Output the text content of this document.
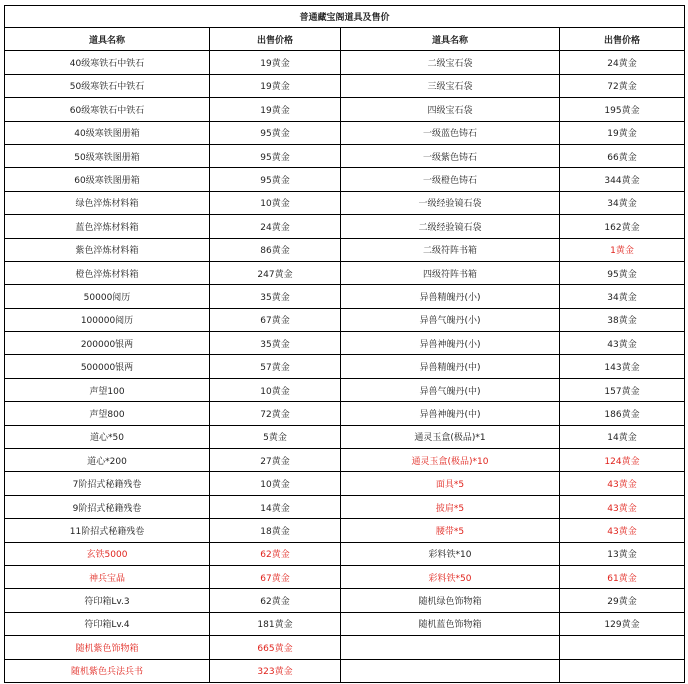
普通藏宝阁道具及售价			
道具名称	出售价格	道具名称	出售价格
40级寒铁石中铁石	19黄金	二级宝石袋	24黄金
50级寒铁石中铁石	19黄金	三级宝石袋	72黄金
60级寒铁石中铁石	19黄金	四级宝石袋	195黄金
40级寒铁图册箱	95黄金	一级蓝色铸石	19黄金
50级寒铁图册箱	95黄金	一级紫色铸石	66黄金
60级寒铁图册箱	95黄金	一级橙色铸石	344黄金
绿色淬炼材料箱	10黄金	一级经验镜石袋	34黄金
蓝色淬炼材料箱	24黄金	二级经验镜石袋	162黄金
紫色淬炼材料箱	86黄金	二级符阵书箱	1黄金
橙色淬炼材料箱	247黄金	四级符阵书箱	95黄金
50000阅历	35黄金	异兽精魄丹(小)	34黄金
100000阅历	67黄金	异兽气魄丹(小)	38黄金
200000银两	35黄金	异兽神魄丹(小)	43黄金
500000银两	57黄金	异兽精魄丹(中)	143黄金
声望100	10黄金	异兽气魄丹(中)	157黄金
声望800	72黄金	异兽神魄丹(中)	186黄金
道心*50	5黄金	通灵玉盒(极品)*1	14黄金
道心*200	27黄金	通灵玉盒(极品)*10	124黄金
7阶招式秘籍残卷	10黄金	面具*5	43黄金
9阶招式秘籍残卷	14黄金	披肩*5	43黄金
11阶招式秘籍残卷	18黄金	腰带*5	43黄金
玄铁5000	62黄金	彩料铁*10	13黄金
神兵宝晶	67黄金	彩料铁*50	61黄金
符印箱Lv.3	62黄金	随机绿色饰物箱	29黄金
符印箱Lv.4	181黄金	随机蓝色饰物箱	129黄金
随机紫色饰物箱	665黄金		
随机紫色兵法兵书	323黄金		
